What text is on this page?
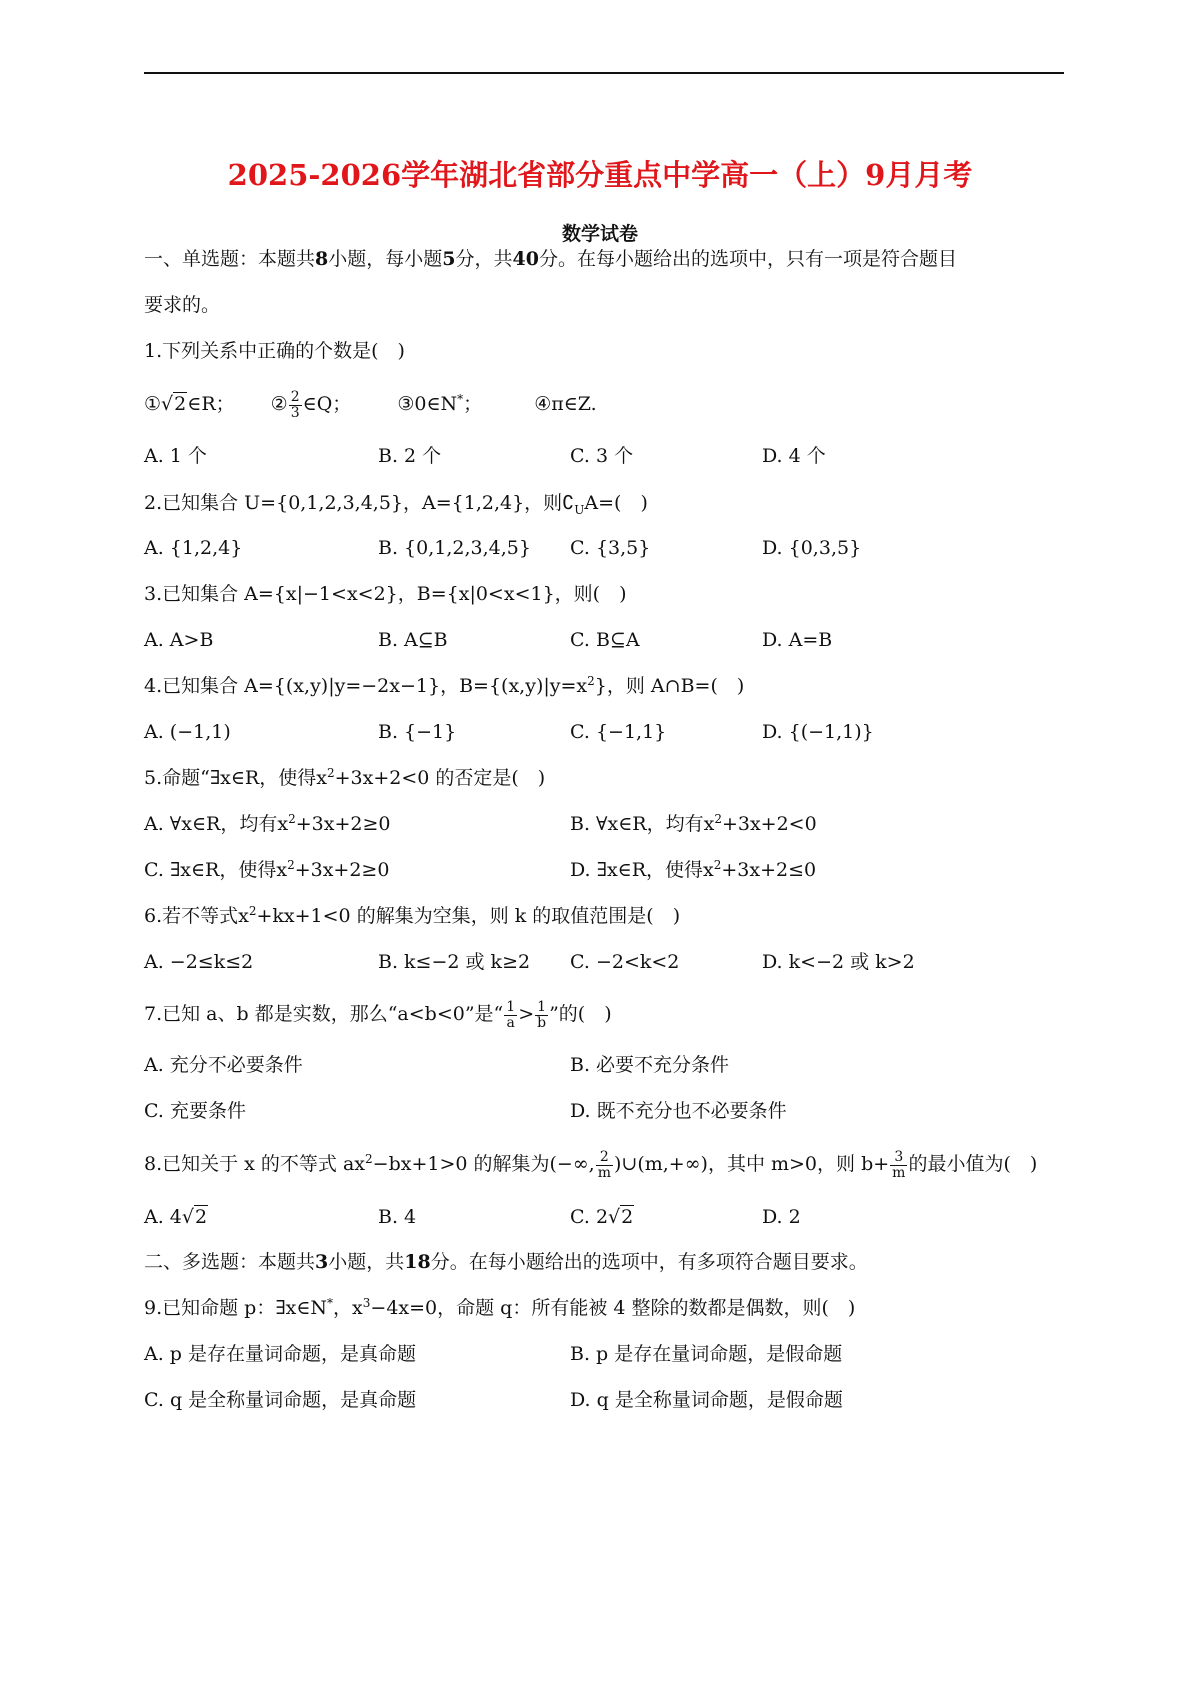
2025-2026学年湖北省部分重点中学高一（上）9月月考
数学试卷
一、单选题：本题共8小题，每小题5分，共40分。在每小题给出的选项中，只有一项是符合题目
要求的。
1.下列关系中正确的个数是(　)
①√2∈R； ② $\frac{2}{3}$ ∈Q； ③0∈N*；	④π∈Z.
A. 1 个	B. 2 个	C. 3 个	D. 4 个
2.已知集合 U={0,1,2,3,4,5}，A={1,2,4}，则$∁_UA=$(　)
A. {1,2,4}	B. {0,1,2,3,4,5} C. {3,5}	D. {0,3,5}
3.已知集合 A={x|−1<x<2}，B={x|0<x<1}，则(　)
A. A>B	B. A⊆B	C. B⊆A	D. A=B
4.已知集合 A={(x,y)|y=−2x−1}，$B=\{(x,y)|y=x^2\}$，则 A∩B=(　)
A. (−1,1)	B. {−1}	C. {−1,1}	D. {(−1,1)}
5.命题“∃x∈R，使得$x^2+3x+2<0$ 的否定是(　)
A. ∀x∈R，均有$x^2+3x+2\ge 0$	B. ∀x∈R，均有$x^2+3x+2<0$
C. ∃x∈R，使得$x^2+3x+2\ge 0$	D. ∃x∈R，使得$x^2+3x+2\le 0$
6.若不等式$x^2+kx+1<0$ 的解集为空集，则 k 的取值范围是(　)
A. −2≤k≤2	B. k≤−2 或 k≥2 C. −2<k<2	D. k<−2 或 k>2
7.已知 a、b 都是实数，那么“a<b<0”是“ $\frac{1}{a} > \frac{1}{b}$ ”的(　)
A. 充分不必要条件	B. 必要不充分条件
C. 充要条件	D. 既不充分也不必要条件
8.已知关于 x 的不等式 $ax^2-bx+1>0$ 的解集为(−∞, $\frac{2}{m}$ )∪(m,+∞)，其中 m>0，则 $b+ \frac{3}{m}$ 的最小值为(　)
A. 4√2	B. 4	C. 2√2	D. 2
二、多选题：本题共3小题，共18分。在每小题给出的选项中，有多项符合题目要求。
9.已知命题 p：∃x∈N*，$x^3-4x=0$，命题 q：所有能被 4 整除的数都是偶数，则(　)
A. p 是存在量词命题，是真命题	B. p 是存在量词命题，是假命题
C. q 是全称量词命题，是真命题	D. q 是全称量词命题，是假命题
